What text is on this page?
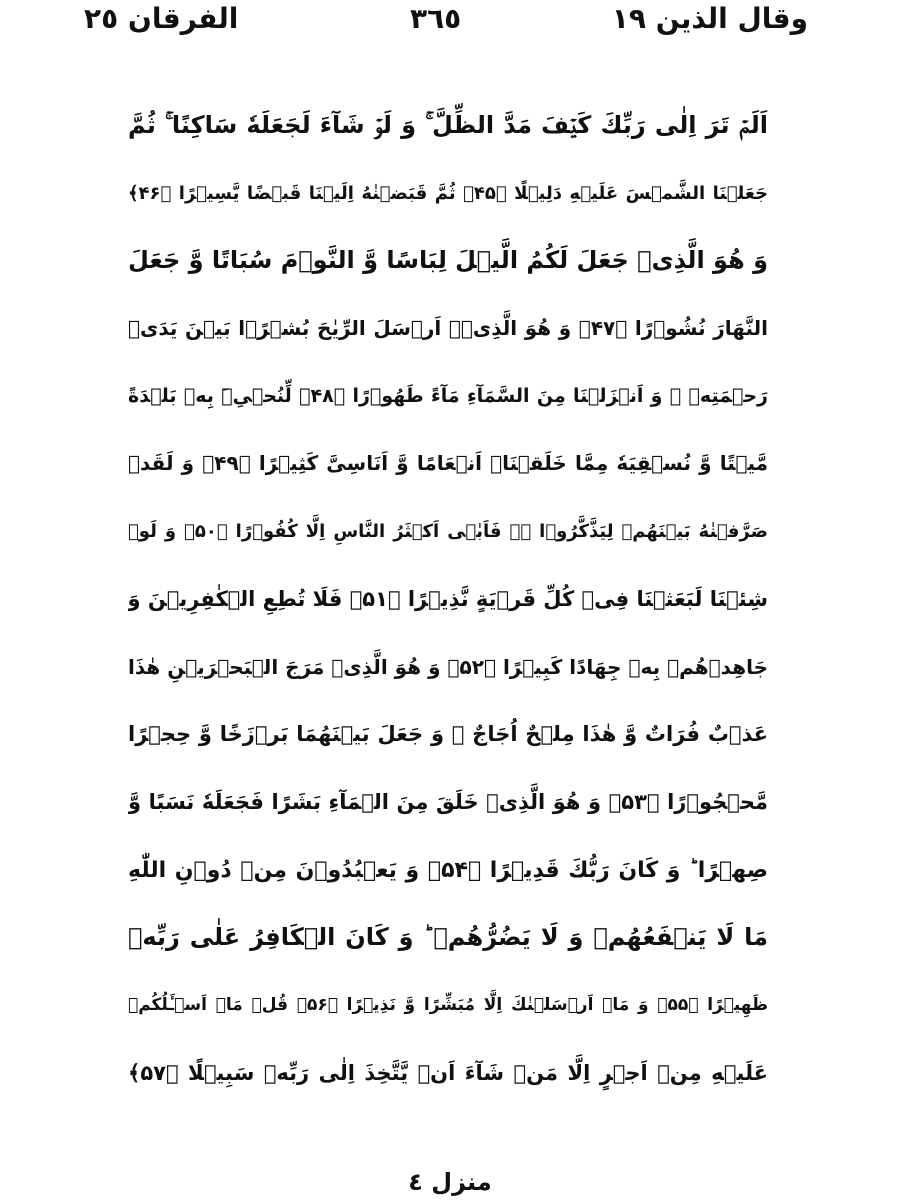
وقال الذین ١٩
٣٦٥
الفرقان ٢٥
اَلَمۡ تَرَ اِلٰی رَبِّكَ كَیۡفَ مَدَّ الظِّلَّ ۚ وَ لَوۡ شَآءَ لَجَعَلَهٗ سَاكِنًا ۚ ثُمَّ
جَعَلۡنَا الشَّمۡسَ عَلَیۡهِ دَلِیۡلًا ﴿۴۵﴾ ثُمَّ قَبَضۡنٰهُ اِلَیۡنَا قَبۡضًا یَّسِیۡرًا ﴿۴۶﴾
وَ هُوَ الَّذِیۡ جَعَلَ لَكُمُ الَّیۡلَ لِبَاسًا وَّ النَّوۡمَ سُبَاتًا وَّ جَعَلَ
النَّهَارَ نُشُوۡرًا ﴿۴۷﴾ وَ هُوَ الَّذِیۡۤ اَرۡسَلَ الرِّیٰحَ بُشۡرًۢا بَیۡنَ یَدَیۡ
رَحۡمَتِهٖ ۚ وَ اَنۡزَلۡنَا مِنَ السَّمَآءِ مَآءً طَهُوۡرًا ﴿۴۸﴾ لِّنُحۡیِۦَ بِهٖ بَلۡدَةً
مَّیۡتًا وَّ نُسۡقِیَهٗ مِمَّا خَلَقۡنَاۤ اَنۡعَامًا وَّ اَنَاسِیَّ كَثِیۡرًا ﴿۴۹﴾ وَ لَقَدۡ
صَرَّفۡنٰهُ بَیۡنَهُمۡ لِیَذَّكَّرُوۡا ۫ۖ فَاَبٰۤی اَكۡثَرُ النَّاسِ اِلَّا كُفُوۡرًا ﴿۵۰﴾ وَ لَوۡ
شِئۡنَا لَبَعَثۡنَا فِیۡ كُلِّ قَرۡیَةٍ نَّذِیۡرًا ﴿۵۱﴾ فَلَا تُطِعِ الۡكٰفِرِیۡنَ وَ
جَاهِدۡهُمۡ بِهٖ جِهَادًا كَبِیۡرًا ﴿۵۲﴾ وَ هُوَ الَّذِیۡ مَرَجَ الۡبَحۡرَیۡنِ هٰذَا
عَذۡبٌ فُرَاتٌ وَّ هٰذَا مِلۡحٌ اُجَاجٌ ۚ وَ جَعَلَ بَیۡنَهُمَا بَرۡزَخًا وَّ حِجۡرًا
مَّحۡجُوۡرًا ﴿۵۳﴾ وَ هُوَ الَّذِیۡ خَلَقَ مِنَ الۡمَآءِ بَشَرًا فَجَعَلَهٗ نَسَبًا وَّ
صِهۡرًا ؕ وَ كَانَ رَبُّكَ قَدِیۡرًا ﴿۵۴﴾ وَ یَعۡبُدُوۡنَ مِنۡ دُوۡنِ اللّٰهِ
مَا لَا یَنۡفَعُهُمۡ وَ لَا یَضُرُّهُمۡ ؕ وَ كَانَ الۡكَافِرُ عَلٰی رَبِّهٖ
ظَهِیۡرًا ﴿۵۵﴾ وَ مَاۤ اَرۡسَلۡنٰكَ اِلَّا مُبَشِّرًا وَّ نَذِیۡرًا ﴿۵۶﴾ قُلۡ مَاۤ اَسۡـَٔلُكُمۡ
عَلَیۡهِ مِنۡ اَجۡرٍ اِلَّا مَنۡ شَآءَ اَنۡ یَّتَّخِذَ اِلٰی رَبِّهٖ سَبِیۡلًا ﴿۵۷﴾
منزل ٤
